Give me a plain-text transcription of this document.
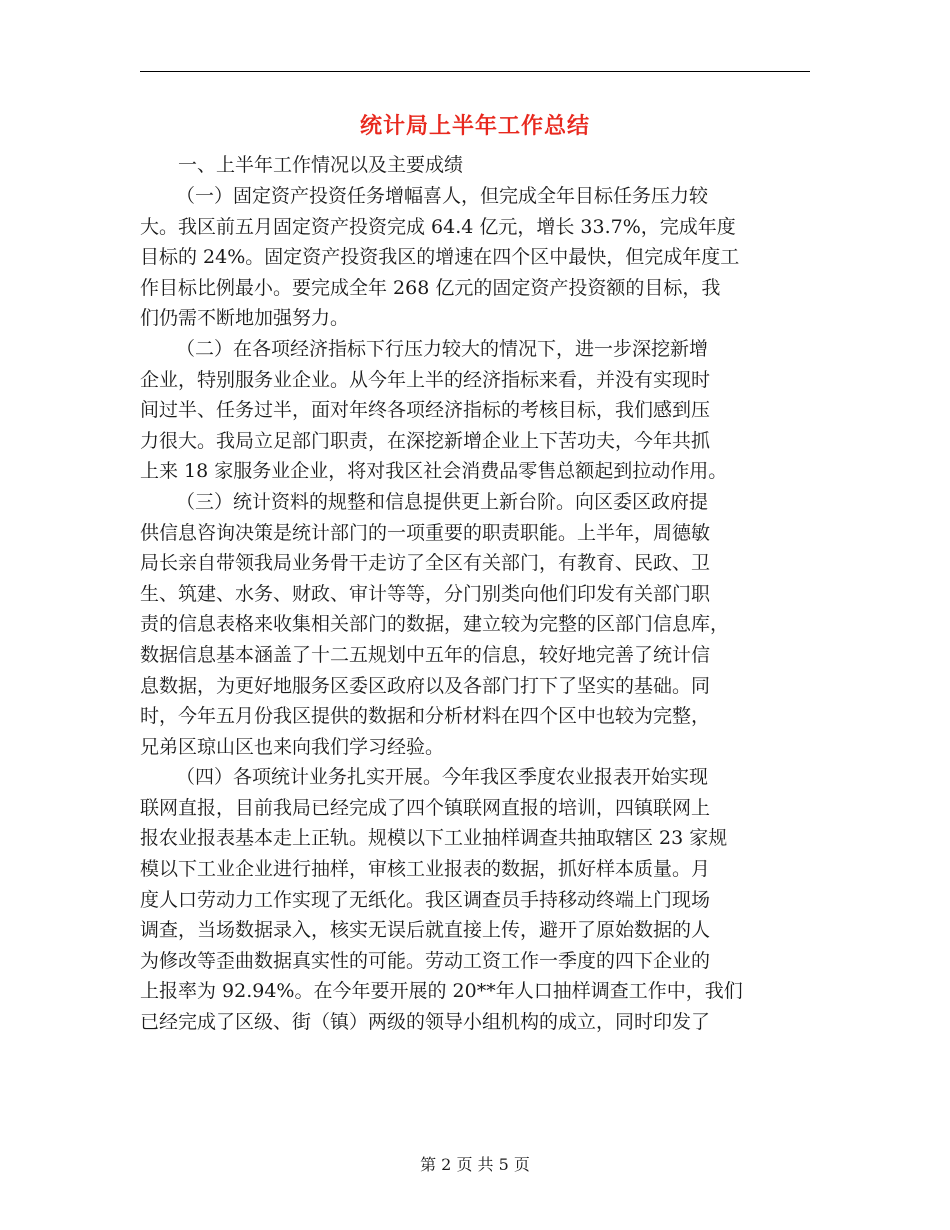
统计局上半年工作总结

一、上半年工作情况以及主要成绩

（一）固定资产投资任务增幅喜人，但完成全年目标任务压力较
大。我区前五月固定资产投资完成 64.4 亿元，增长 33.7%，完成年度
目标的 24%。固定资产投资我区的增速在四个区中最快，但完成年度工
作目标比例最小。要完成全年 268 亿元的固定资产投资额的目标，我
们仍需不断地加强努力。
（二）在各项经济指标下行压力较大的情况下，进一步深挖新增
企业，特别服务业企业。从今年上半的经济指标来看，并没有实现时
间过半、任务过半，面对年终各项经济指标的考核目标，我们感到压
力很大。我局立足部门职责，在深挖新增企业上下苦功夫，今年共抓
上来 18 家服务业企业，将对我区社会消费品零售总额起到拉动作用。
（三）统计资料的规整和信息提供更上新台阶。向区委区政府提
供信息咨询决策是统计部门的一项重要的职责职能。上半年，周德敏
局长亲自带领我局业务骨干走访了全区有关部门，有教育、民政、卫
生、筑建、水务、财政、审计等等，分门别类向他们印发有关部门职
责的信息表格来收集相关部门的数据，建立较为完整的区部门信息库，
数据信息基本涵盖了十二五规划中五年的信息，较好地完善了统计信
息数据，为更好地服务区委区政府以及各部门打下了坚实的基础。同
时，今年五月份我区提供的数据和分析材料在四个区中也较为完整，
兄弟区琼山区也来向我们学习经验。
（四）各项统计业务扎实开展。今年我区季度农业报表开始实现
联网直报，目前我局已经完成了四个镇联网直报的培训，四镇联网上
报农业报表基本走上正轨。规模以下工业抽样调查共抽取辖区 23 家规
模以下工业企业进行抽样，审核工业报表的数据，抓好样本质量。月
度人口劳动力工作实现了无纸化。我区调查员手持移动终端上门现场
调查，当场数据录入，核实无误后就直接上传，避开了原始数据的人
为修改等歪曲数据真实性的可能。劳动工资工作一季度的四下企业的
上报率为 92.94%。在今年要开展的 20**年人口抽样调查工作中，我们
已经完成了区级、街（镇）两级的领导小组机构的成立，同时印发了
第 2 页 共 5 页
